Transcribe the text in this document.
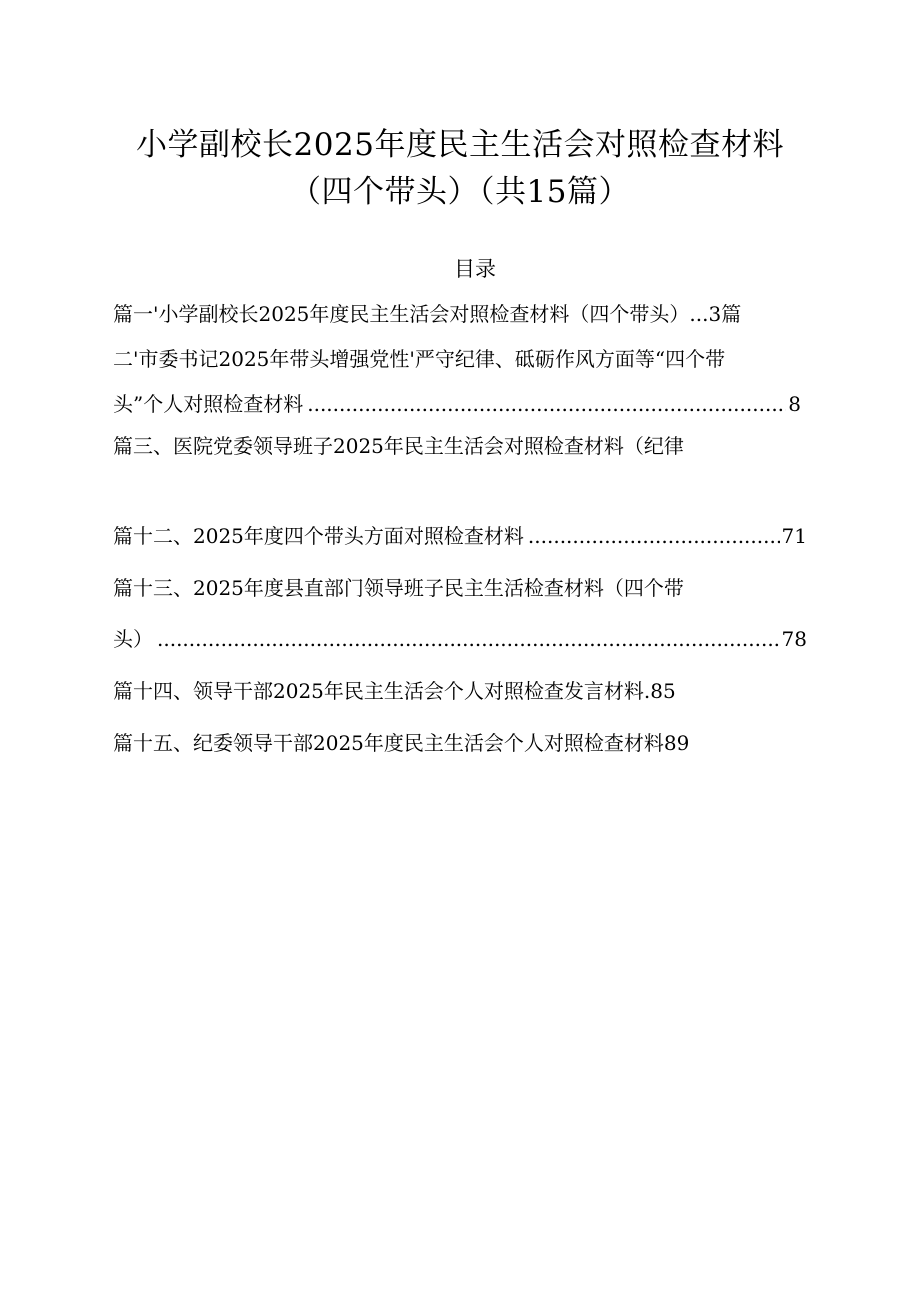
小学副校长2025年度民主生活会对照检查材料
（四个带头）（共15篇）
目录
篇一'小学副校长2025年度民主生活会对照检查材料（四个带头）...3篇
二'市委书记2025年带头增强党性'严守纪律、砥砺作风方面等“四个带
头”个人对照检查材料 .....	8
篇三、医院党委领导班子2025年民主生活会对照检查材料（纪律
篇十二、2025年度四个带头方面对照检查材料 .....	71
篇十三、2025年度县直部门领导班子民主生活检查材料（四个带
头） .....	78
篇十四、领导干部2025年民主生活会个人对照检查发言材料.85
篇十五、纪委领导干部2025年度民主生活会个人对照检查材料89
